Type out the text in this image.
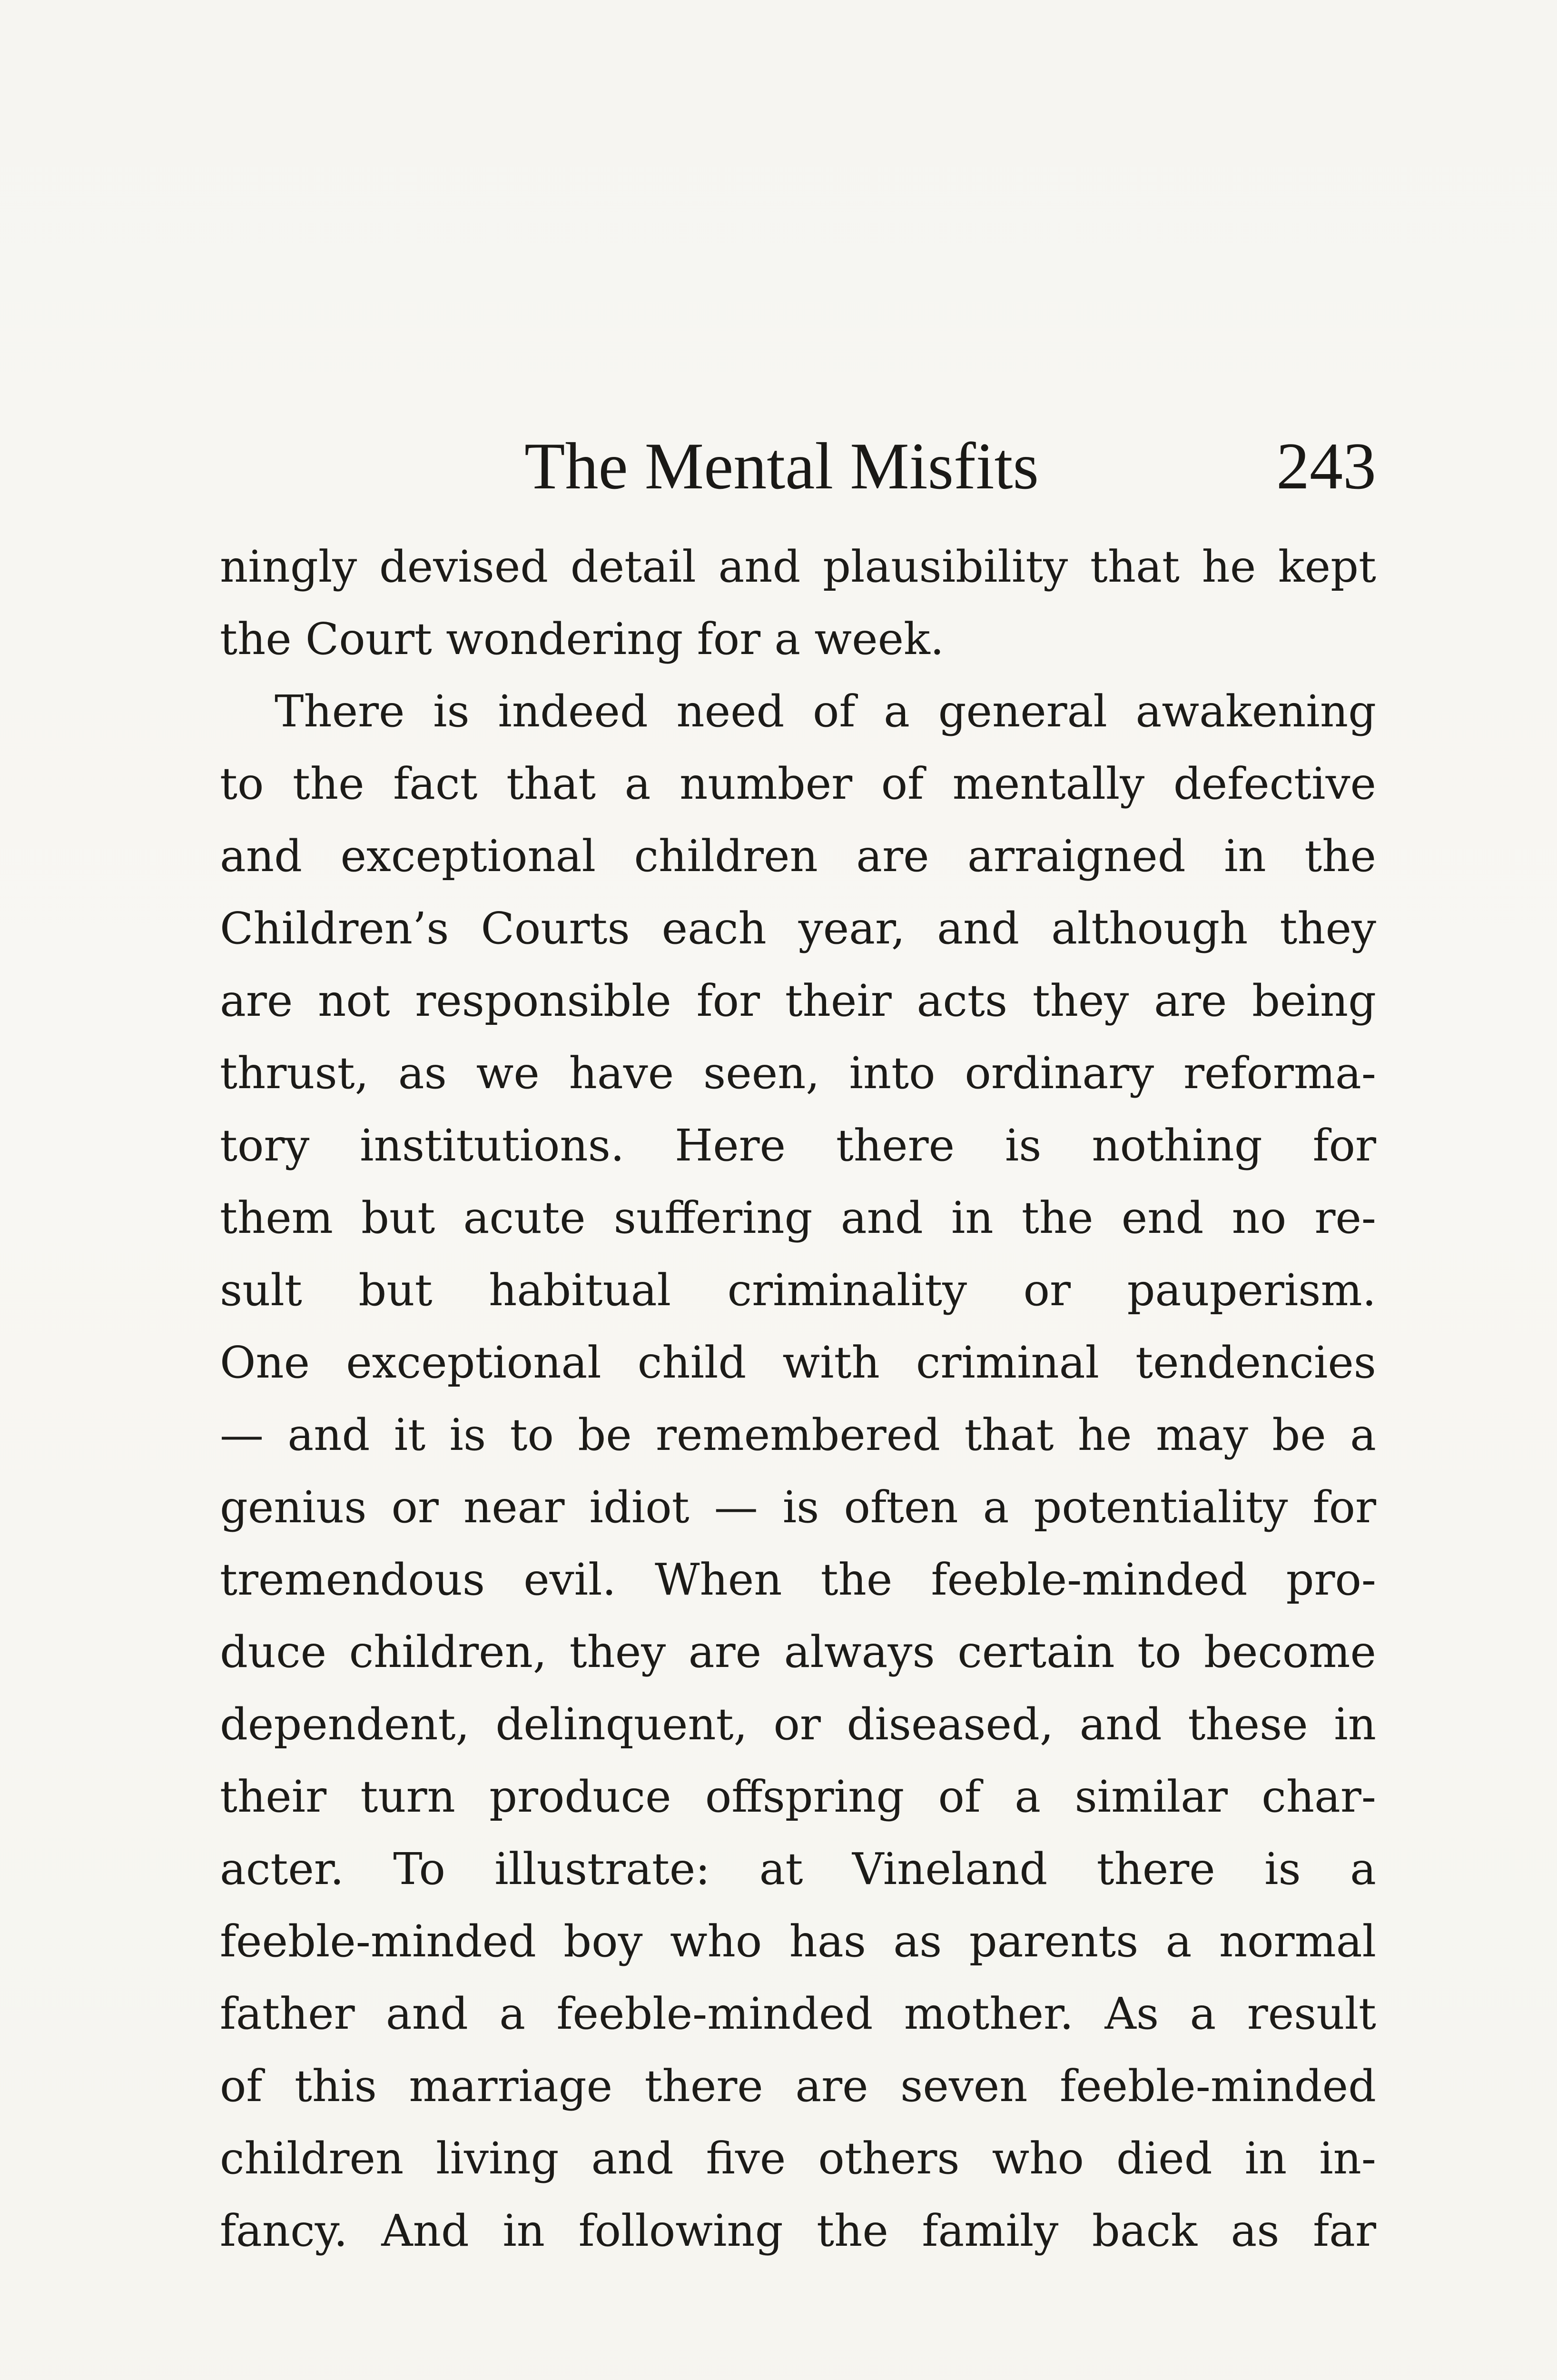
The Mental Misfits	243
ningly devised detail and plausibility that he kept
the Court wondering for a week.
There is indeed need of a general awakening
to the fact that a number of mentally defective
and exceptional children are arraigned in the
Children’s Courts each year, and although they
are not responsible for their acts they are being
thrust, as we have seen, into ordinary reforma-
tory institutions. Here there is nothing for
them but acute suffering and in the end no re-
sult but habitual criminality or pauperism.
One exceptional child with criminal tendencies
— and it is to be remembered that he may be a
genius or near idiot — is often a potentiality for
tremendous evil. When the feeble-minded pro-
duce children, they are always certain to become
dependent, delinquent, or diseased, and these in
their turn produce offspring of a similar char-
acter. To illustrate: at Vineland there is a
feeble-minded boy who has as parents a normal
father and a feeble-minded mother. As a result
of this marriage there are seven feeble-minded
children living and five others who died in in-
fancy. And in following the family back as far
